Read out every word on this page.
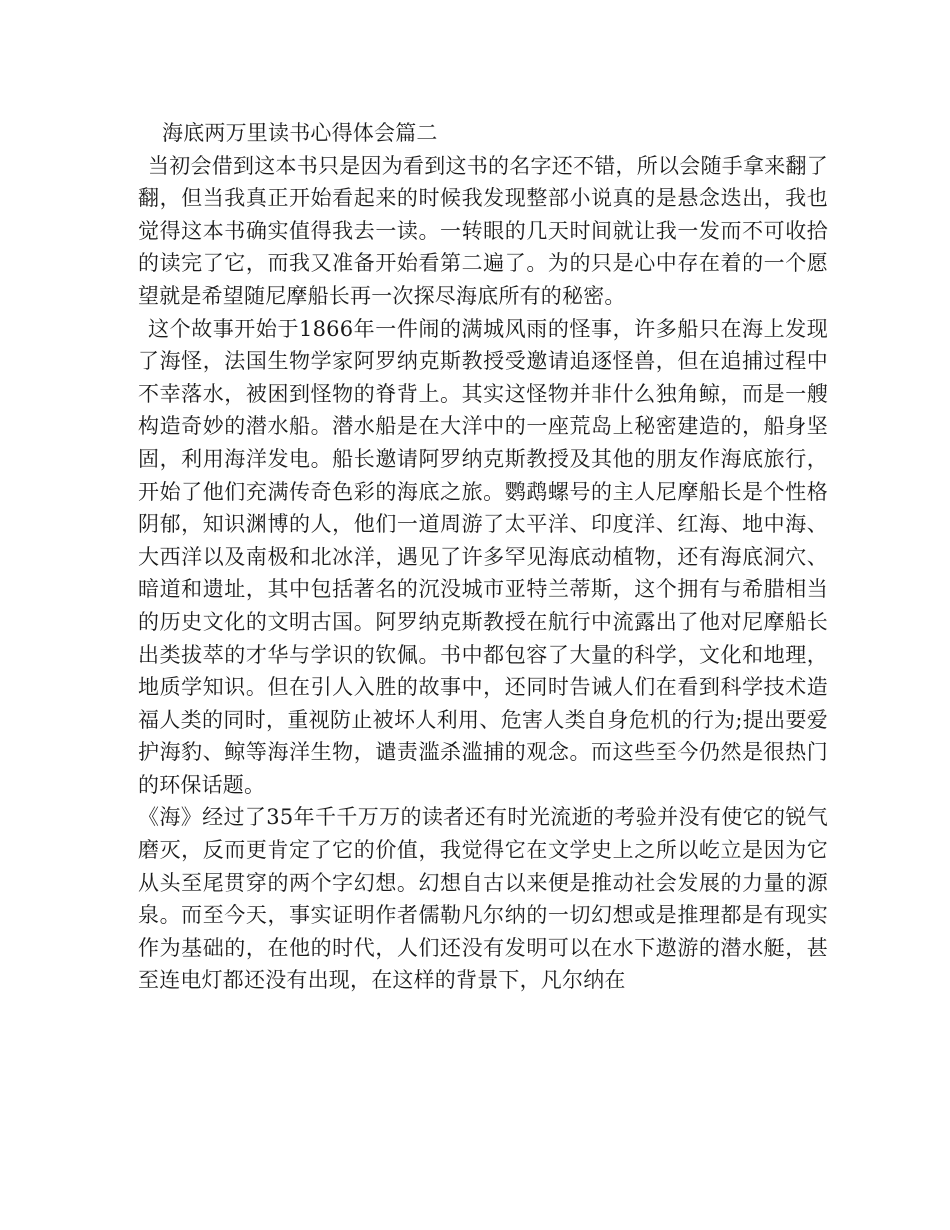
海底两万里读书心得体会篇二

当初会借到这本书只是因为看到这书的名字还不错，所以会随手拿来翻了翻，但当我真正开始看起来的时候我发现整部小说真的是悬念迭出，我也觉得这本书确实值得我去一读。一转眼的几天时间就让我一发而不可收拾的读完了它，而我又准备开始看第二遍了。为的只是心中存在着的一个愿望就是希望随尼摩船长再一次探尽海底所有的秘密。

这个故事开始于1866年一件闹的满城风雨的怪事，许多船只在海上发现了海怪，法国生物学家阿罗纳克斯教授受邀请追逐怪兽，但在追捕过程中不幸落水，被困到怪物的脊背上。其实这怪物并非什么独角鲸，而是一艘构造奇妙的潜水船。潜水船是在大洋中的一座荒岛上秘密建造的，船身坚固，利用海洋发电。船长邀请阿罗纳克斯教授及其他的朋友作海底旅行，开始了他们充满传奇色彩的海底之旅。鹦鹉螺号的主人尼摩船长是个性格阴郁，知识渊博的人，他们一道周游了太平洋、印度洋、红海、地中海、大西洋以及南极和北冰洋，遇见了许多罕见海底动植物，还有海底洞穴、暗道和遗址，其中包括著名的沉没城市亚特兰蒂斯，这个拥有与希腊相当的历史文化的文明古国。阿罗纳克斯教授在航行中流露出了他对尼摩船长出类拔萃的才华与学识的钦佩。书中都包容了大量的科学，文化和地理，地质学知识。但在引人入胜的故事中，还同时告诫人们在看到科学技术造福人类的同时，重视防止被坏人利用、危害人类自身危机的行为;提出要爱护海豹、鲸等海洋生物，谴责滥杀滥捕的观念。而这些至今仍然是很热门的环保话题。

《海》经过了35年千千万万的读者还有时光流逝的考验并没有使它的锐气磨灭，反而更肯定了它的价值，我觉得它在文学史上之所以屹立是因为它从头至尾贯穿的两个字幻想。幻想自古以来便是推动社会发展的力量的源泉。而至今天，事实证明作者儒勒凡尔纳的一切幻想或是推理都是有现实作为基础的，在他的时代，人们还没有发明可以在水下遨游的潜水艇，甚至连电灯都还没有出现，在这样的背景下，凡尔纳在
